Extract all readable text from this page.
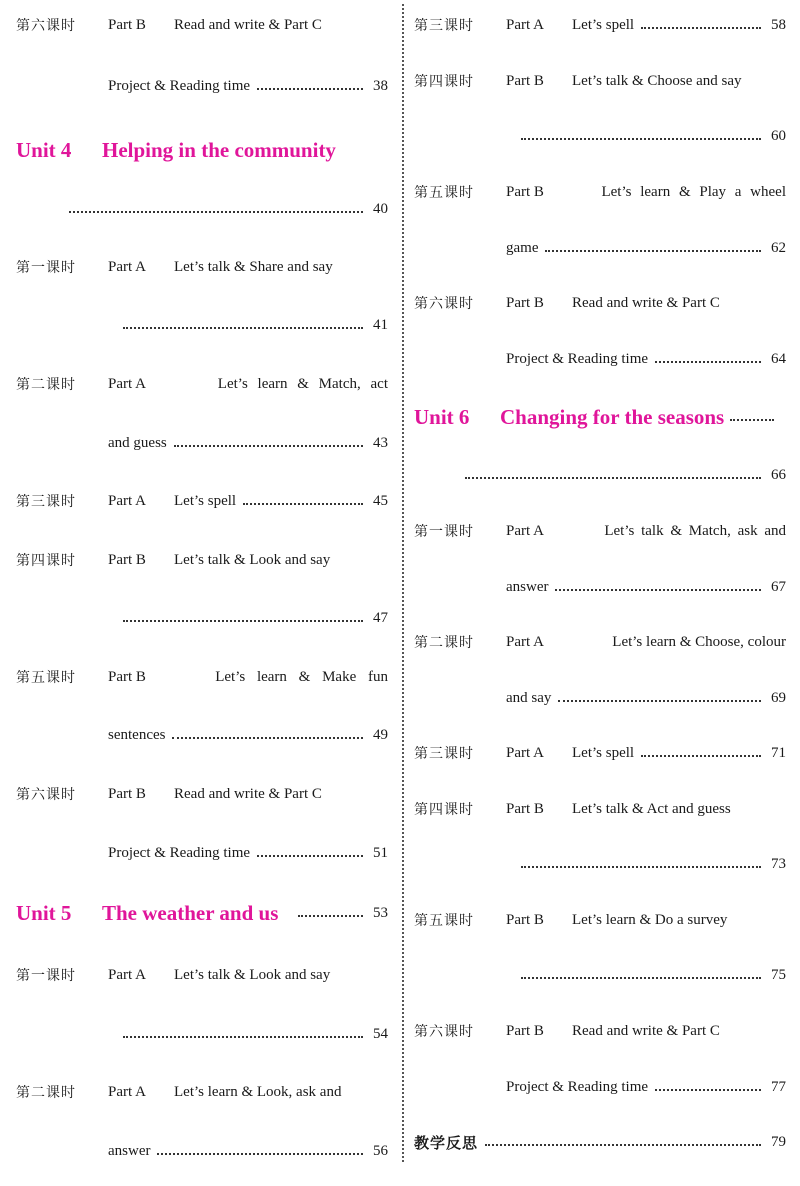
第六课时	Part B	Read and write & Part C
Project & Reading time	38
Unit 4	Helping in the community
40
第一课时	Part A	Let’s talk & Share and say
41
第二课时	Part A	Let’s learn & Match, act
and guess	43
第三课时	Part A	Let’s spell	45
第四课时	Part B	Let’s talk & Look and say
47
第五课时	Part B	Let’s learn & Make fun
sentences	49
第六课时	Part B	Read and write & Part C
Project & Reading time	51
Unit 5	The weather and us	53
第一课时	Part A	Let’s talk & Look and say
54
第二课时	Part A	Let’s learn & Look, ask and
answer	56
第三课时	Part A	Let’s spell	58
第四课时	Part B	Let’s talk & Choose and say
60
第五课时	Part B	Let’s learn & Play a wheel
game	62
第六课时	Part B	Read and write & Part C
Project & Reading time	64
Unit 6	Changing for the seasons
66
第一课时	Part A	Let’s talk & Match, ask and
answer	67
第二课时	Part A	Let’s learn & Choose, colour
and say	69
第三课时	Part A	Let’s spell	71
第四课时	Part B	Let’s talk & Act and guess
73
第五课时	Part B	Let’s learn & Do a survey
75
第六课时	Part B	Read and write & Part C
Project & Reading time	77
教学反思	79
